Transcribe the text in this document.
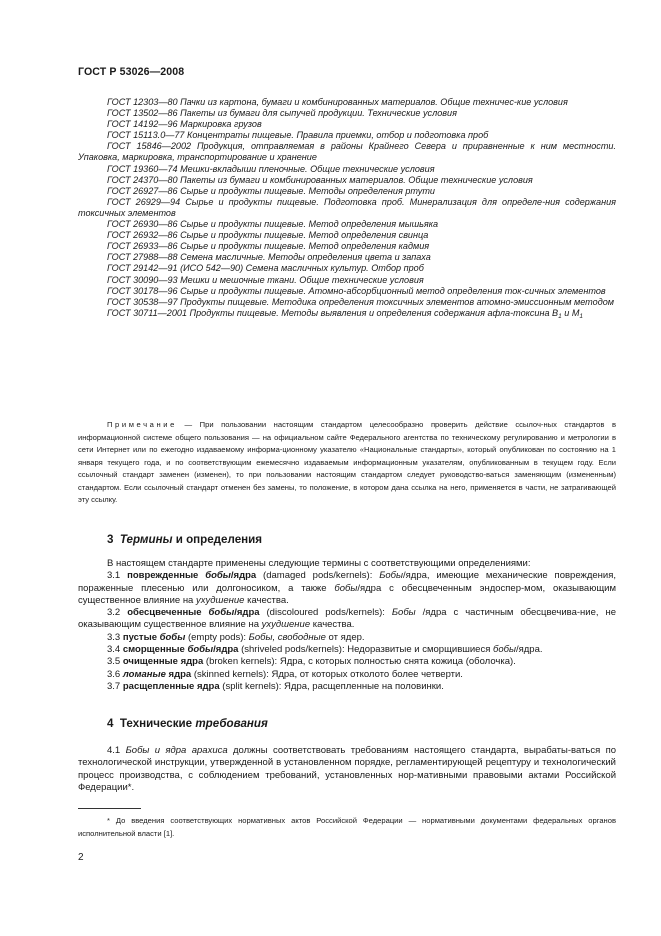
ГОСТ Р 53026—2008

ГОСТ 12303—80 Пачки из картона, бумаги и комбинированных материалов. Общие техничес-кие условия

ГОСТ 13502—86 Пакеты из бумаги для сыпучей продукции. Технические условия

ГОСТ 14192—96 Маркировка грузов

ГОСТ 15113.0—77 Концентраты пищевые. Правила приемки, отбор и подготовка проб

ГОСТ 15846—2002 Продукция, отправляемая в районы Крайнего Севера и приравненные к ним местности. Упаковка, маркировка, транспортирование и хранение

ГОСТ 19360—74 Мешки-вкладыши пленочные. Общие технические условия

ГОСТ 24370—80 Пакеты из бумаги и комбинированных материалов. Общие технические условия

ГОСТ 26927—86 Сырье и продукты пищевые. Методы определения ртути

ГОСТ 26929—94 Сырье и продукты пищевые. Подготовка проб. Минерализация для определе-ния содержания токсичных элементов

ГОСТ 26930—86 Сырье и продукты пищевые. Метод определения мышьяка

ГОСТ 26932—86 Сырье и продукты пищевые. Метод определения свинца

ГОСТ 26933—86 Сырье и продукты пищевые. Метод определения кадмия

ГОСТ 27988—88 Семена масличные. Методы определения цвета и запаха

ГОСТ 29142—91 (ИСО 542—90) Семена масличных культур. Отбор проб

ГОСТ 30090—93 Мешки и мешочные ткани. Общие технические условия

ГОСТ 30178—96 Сырье и продукты пищевые. Атомно-абсорбционный метод определения ток-сичных элементов

ГОСТ 30538—97 Продукты пищевые. Методика определения токсичных элементов атомно-эмиссионным методом

ГОСТ 30711—2001 Продукты пищевые. Методы выявления и определения содержания афла-токсина $B_1$ и $M_1$

Примечание — При пользовании настоящим стандартом целесообразно проверить действие ссылоч-ных стандартов в информационной системе общего пользования — на официальном сайте Федерального агентства по техническому регулированию и метрологии в сети Интернет или по ежегодно издаваемому информа-ционному указателю «Национальные стандарты», который опубликован по состоянию на 1 января текущего года, и по соответствующим ежемесячно издаваемым информационным указателям, опубликованным в текущем году. Если ссылочный стандарт заменен (изменен), то при пользовании настоящим стандартом следует руководство-ваться заменяющим (измененным) стандартом. Если ссылочный стандарт отменен без замены, то положение, в котором дана ссылка на него, применяется в части, не затрагивающей эту ссылку.

3 Термины и определения

В настоящем стандарте применены следующие термины с соответствующими определениями:

3.1 поврежденные бобы/ядра (damaged pods/kernels): Бобы/ядра, имеющие механические повреждения, пораженные плесенью или долгоносиком, а также бобы/ядра с обесцвеченным эндоспер-мом, оказывающим существенное влияние на ухудшение качества.

3.2 обесцвеченные бобы/ядра (discoloured pods/kernels): Бобы /ядра с частичным обесцвечива-ние, не оказывающим существенное влияние на ухудшение качества.

3.3 пустые бобы (empty pods): Бобы, свободные от ядер.

3.4 сморщенные бобы/ядра (shriveled pods/kernels): Недоразвитые и сморщившиеся бобы/ядра.

3.5 очищенные ядра (broken kernels): Ядра, с которых полностью снята кожица (оболочка).

3.6 ломаные ядра (skinned kernels): Ядра, от которых отколото более четверти.

3.7 расщепленные ядра (split kernels): Ядра, расщепленные на половинки.

4 Технические требования

4.1 Бобы и ядра арахиса должны соответствовать требованиям настоящего стандарта, вырабаты-ваться по технологической инструкции, утвержденной в установленном порядке, регламентирующей рецептуру и технологический процесс производства, с соблюдением требований, установленных нор-мативными правовыми актами Российской Федерации*.

* До введения соответствующих нормативных актов Российской Федерации — нормативными документами федеральных органов исполнительной власти [1].

2
